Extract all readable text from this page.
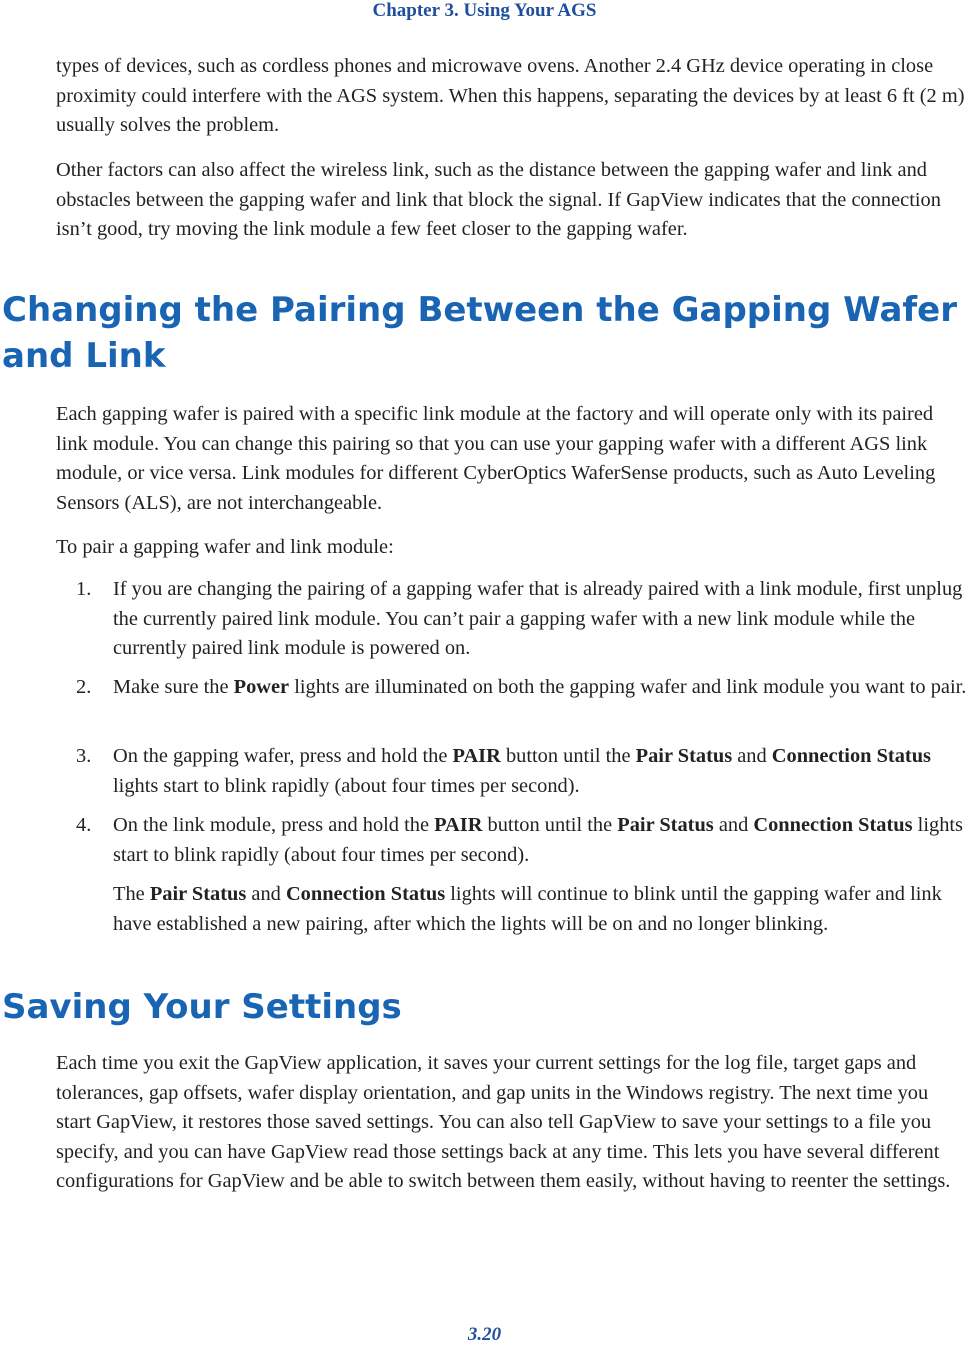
Chapter 3. Using Your AGS

types of devices, such as cordless phones and microwave ovens. Another 2.4 GHz device operating in close proximity could interfere with the AGS system. When this happens, separating the devices by at least 6 ft (2 m) usually solves the problem.

Other factors can also affect the wireless link, such as the distance between the gapping wafer and link and obstacles between the gapping wafer and link that block the signal. If GapView indicates that the connection isn’t good, try moving the link module a few feet closer to the gapping wafer.

Changing the Pairing Between the Gapping Wafer and Link

Each gapping wafer is paired with a specific link module at the factory and will operate only with its paired link module. You can change this pairing so that you can use your gapping wafer with a different AGS link module, or vice versa. Link modules for different CyberOptics WaferSense products, such as Auto Leveling Sensors (ALS), are not interchangeable.

To pair a gapping wafer and link module:

1. If you are changing the pairing of a gapping wafer that is already paired with a link module, first unplug the currently paired link module. You can’t pair a gapping wafer with a new link module while the currently paired link module is powered on.

2. Make sure the Power lights are illuminated on both the gapping wafer and link module you want to pair.

3. On the gapping wafer, press and hold the PAIR button until the Pair Status and Connection Status lights start to blink rapidly (about four times per second).

4. On the link module, press and hold the PAIR button until the Pair Status and Connection Status lights start to blink rapidly (about four times per second).

The Pair Status and Connection Status lights will continue to blink until the gapping wafer and link have established a new pairing, after which the lights will be on and no longer blinking.

Saving Your Settings

Each time you exit the GapView application, it saves your current settings for the log file, target gaps and tolerances, gap offsets, wafer display orientation, and gap units in the Windows registry. The next time you start GapView, it restores those saved settings. You can also tell GapView to save your settings to a file you specify, and you can have GapView read those settings back at any time. This lets you have several different configurations for GapView and be able to switch between them easily, without having to reenter the settings.

3.20
